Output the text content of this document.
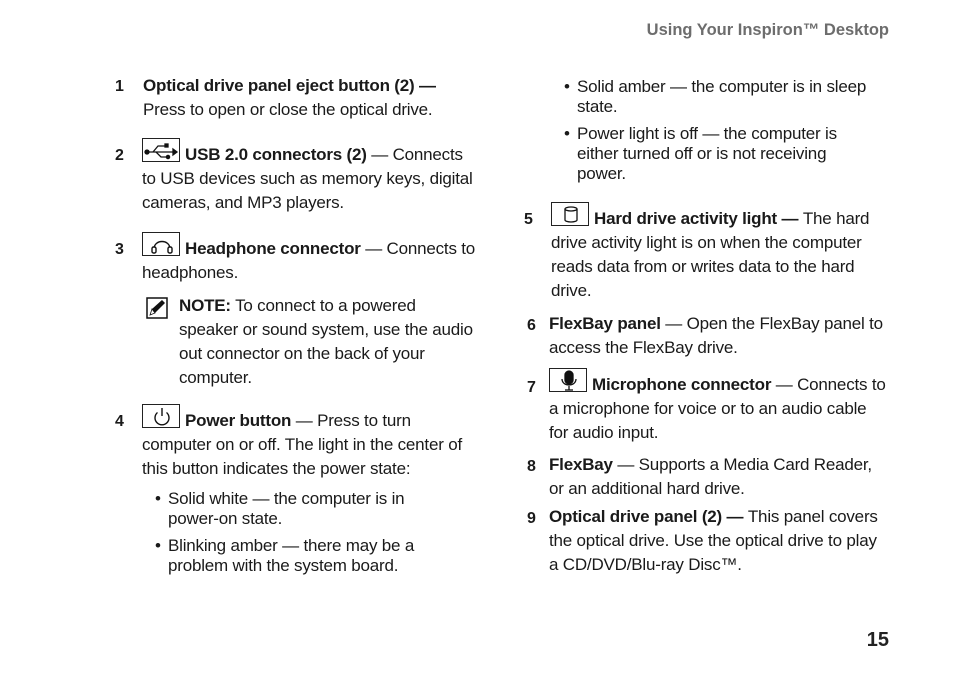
Using Your Inspiron™ Desktop
1 Optical drive panel eject button (2) —
Press to open or close the optical drive.
2	USB 2.0 connectors (2) — Connects to USB devices such as memory keys, digital cameras, and MP3 players.
3	Headphone connector — Connects to headphones.
NOTE: To connect to a powered speaker or sound system, use the audio out connector on the back of your computer.
4	Power button — Press to turn computer on or off. The light in the center of this button indicates the power state:
• Solid white — the computer is in power-on state.
• Blinking amber — there may be a problem with the system board.
• Solid amber — the computer is in sleep state.
• Power light is off — the computer is either turned off or is not receiving power.
5	Hard drive activity light — The hard drive activity light is on when the computer reads data from or writes data to the hard drive.
6 FlexBay panel — Open the FlexBay panel to access the FlexBay drive.
7	Microphone connector — Connects to a microphone for voice or to an audio cable for audio input.
8 FlexBay — Supports a Media Card Reader, or an additional hard drive.
9 Optical drive panel (2) — This panel covers the optical drive. Use the optical drive to play a CD/DVD/Blu-ray Disc™.
15
